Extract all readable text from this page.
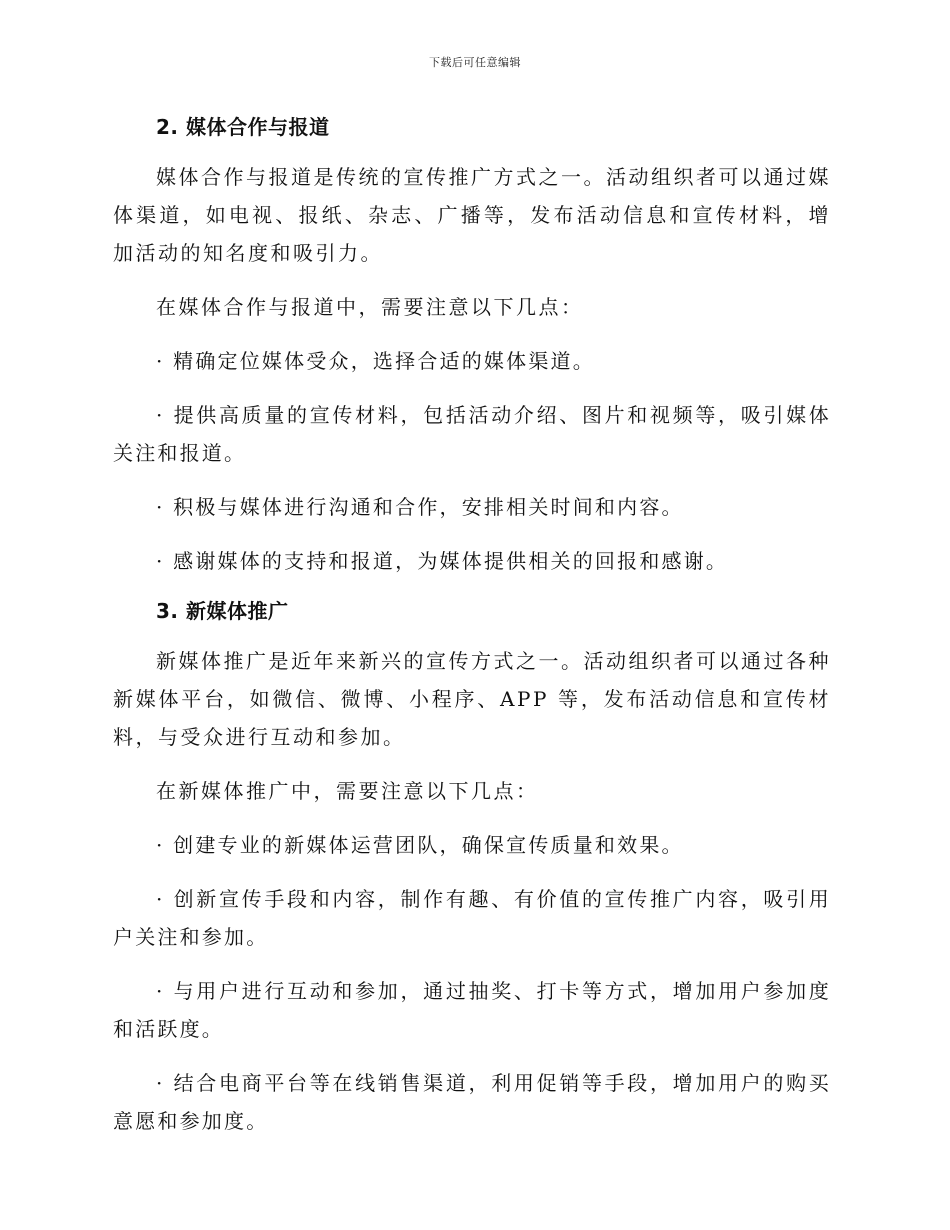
下载后可任意编辑
2. 媒体合作与报道

媒体合作与报道是传统的宣传推广方式之一。活动组织者可以通过媒体渠道，如电视、报纸、杂志、广播等，发布活动信息和宣传材料，增加活动的知名度和吸引力。

在媒体合作与报道中，需要注意以下几点：

· 精确定位媒体受众，选择合适的媒体渠道。

· 提供高质量的宣传材料，包括活动介绍、图片和视频等，吸引媒体关注和报道。

· 积极与媒体进行沟通和合作，安排相关时间和内容。

· 感谢媒体的支持和报道，为媒体提供相关的回报和感谢。

3. 新媒体推广

新媒体推广是近年来新兴的宣传方式之一。活动组织者可以通过各种新媒体平台，如微信、微博、小程序、APP 等，发布活动信息和宣传材料，与受众进行互动和参加。

在新媒体推广中，需要注意以下几点：

· 创建专业的新媒体运营团队，确保宣传质量和效果。

· 创新宣传手段和内容，制作有趣、有价值的宣传推广内容，吸引用户关注和参加。

· 与用户进行互动和参加，通过抽奖、打卡等方式，增加用户参加度和活跃度。

· 结合电商平台等在线销售渠道，利用促销等手段，增加用户的购买意愿和参加度。
